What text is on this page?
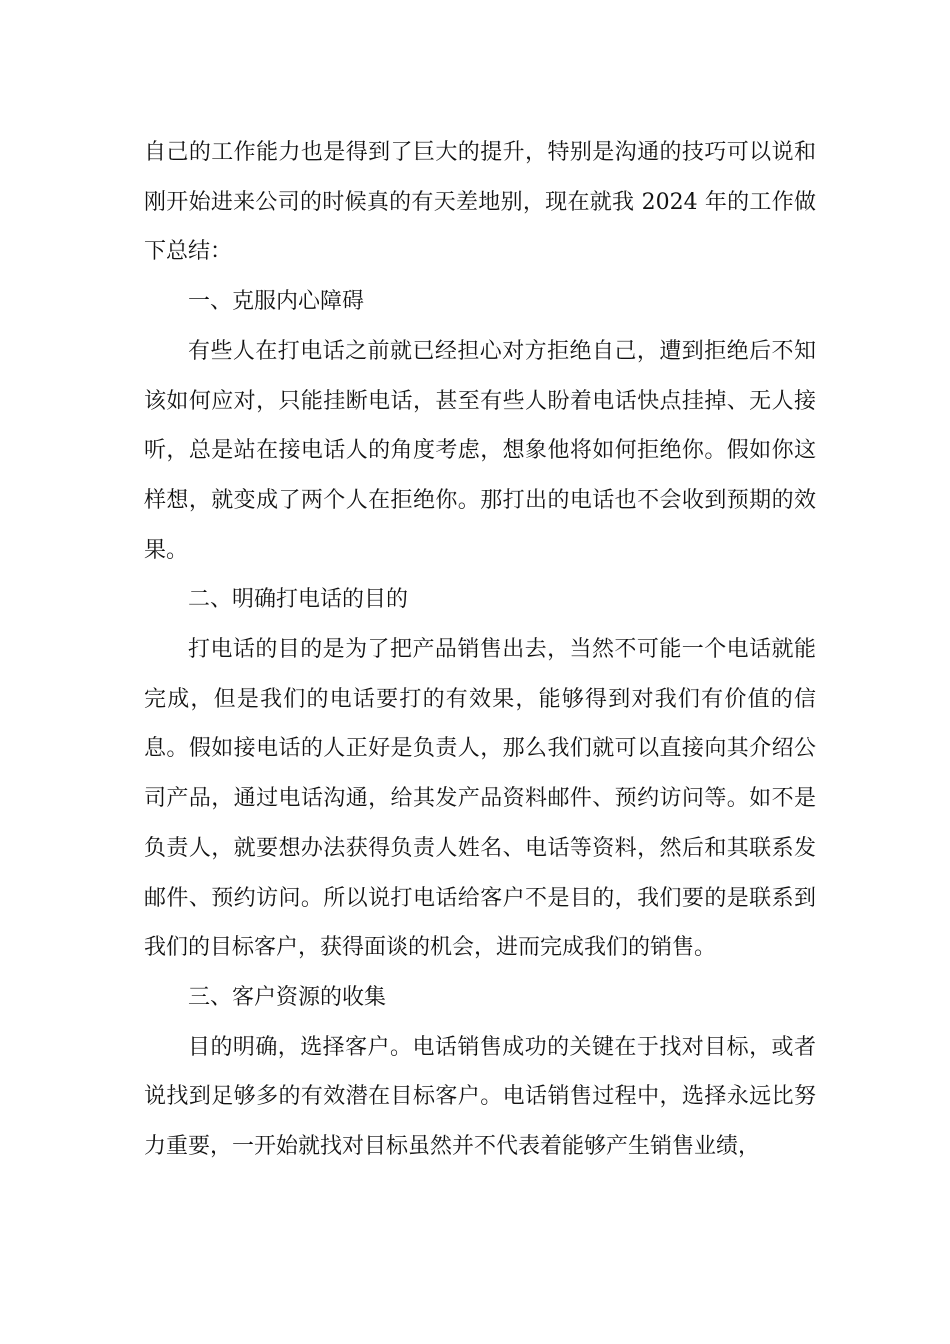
自己的工作能力也是得到了巨大的提升，特别是沟通的技巧可以说和刚开始进来公司的时候真的有天差地别，现在就我 2024 年的工作做下总结：

一、克服内心障碍

有些人在打电话之前就已经担心对方拒绝自己，遭到拒绝后不知该如何应对，只能挂断电话，甚至有些人盼着电话快点挂掉、无人接听，总是站在接电话人的角度考虑，想象他将如何拒绝你。假如你这样想，就变成了两个人在拒绝你。那打出的电话也不会收到预期的效果。

二、明确打电话的目的

打电话的目的是为了把产品销售出去，当然不可能一个电话就能完成，但是我们的电话要打的有效果，能够得到对我们有价值的信息。假如接电话的人正好是负责人，那么我们就可以直接向其介绍公司产品，通过电话沟通，给其发产品资料邮件、预约访问等。如不是负责人，就要想办法获得负责人姓名、电话等资料，然后和其联系发邮件、预约访问。所以说打电话给客户不是目的，我们要的是联系到我们的目标客户，获得面谈的机会，进而完成我们的销售。

三、客户资源的收集

目的明确，选择客户。电话销售成功的关键在于找对目标，或者说找到足够多的有效潜在目标客户。电话销售过程中，选择永远比努力重要，一开始就找对目标虽然并不代表着能够产生销售业绩，
